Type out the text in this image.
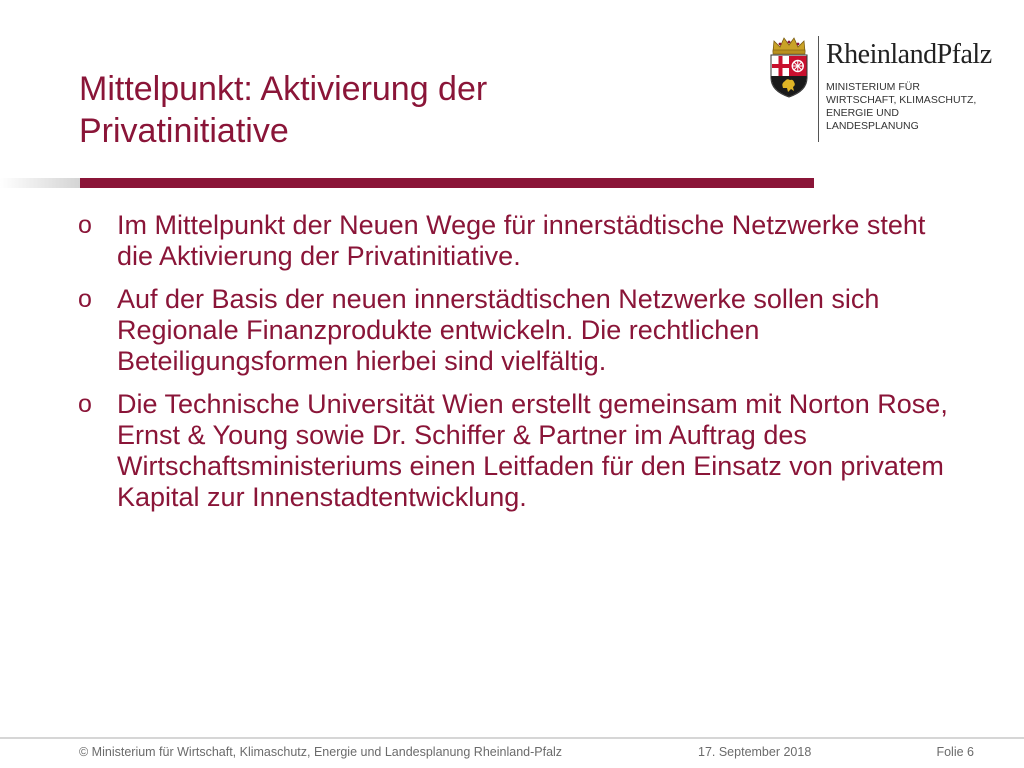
Mittelpunkt: Aktivierung der
Privatinitiative
RheinlandPfalz
MINISTERIUM FÜR
WIRTSCHAFT, KLIMASCHUTZ,
ENERGIE UND
LANDESPLANUNG
o Im Mittelpunkt der Neuen Wege für innerstädtische Netzwerke steht die Aktivierung der Privatinitiative.
o Auf der Basis der neuen innerstädtischen Netzwerke sollen sich Regionale Finanzprodukte entwickeln. Die rechtlichen Beteiligungsformen hierbei sind vielfältig.
o Die Technische Universität Wien erstellt gemeinsam mit Norton Rose, Ernst & Young sowie Dr. Schiffer & Partner im Auftrag des Wirtschaftsministeriums einen Leitfaden für den Einsatz von privatem Kapital zur Innenstadtentwicklung.
© Ministerium für Wirtschaft, Klimaschutz, Energie und Landesplanung Rheinland-Pfalz	17. September 2018	Folie 6
